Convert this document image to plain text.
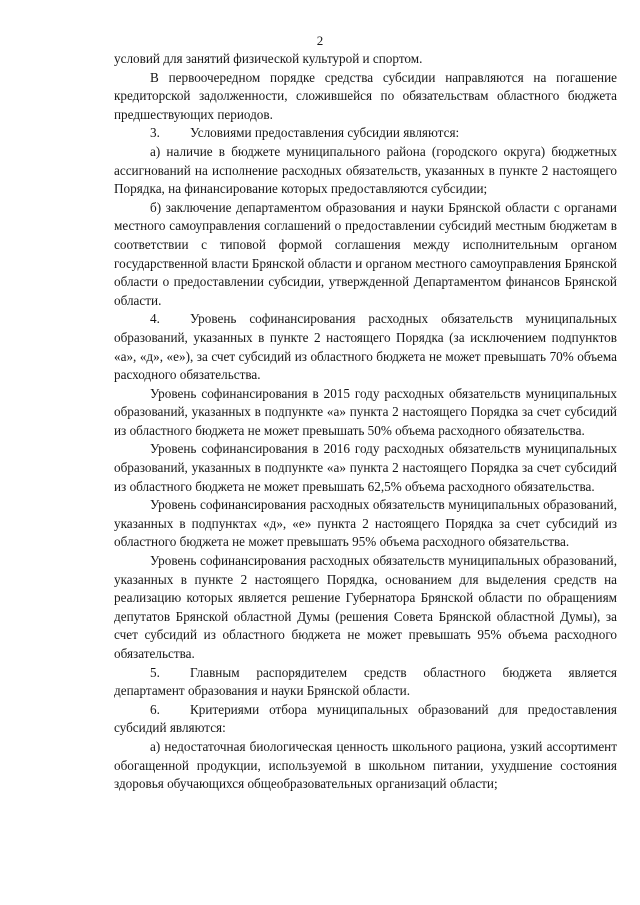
2

условий для занятий физической культурой и спортом.

В первоочередном порядке средства субсидии направляются на погашение кредиторской задолженности, сложившейся по обязательствам областного бюджета предшествующих периодов.

3. Условиями предоставления субсидии являются:

а) наличие в бюджете муниципального района (городского округа) бюджетных ассигнований на исполнение расходных обязательств, указанных в пункте 2 настоящего Порядка, на финансирование которых предоставляются субсидии;

б) заключение департаментом образования и науки Брянской области с органами местного самоуправления соглашений о предоставлении субсидий местным бюджетам в соответствии с типовой формой соглашения между исполнительным органом государственной власти Брянской области и органом местного самоуправления Брянской области о предоставлении субсидии, утвержденной Департаментом финансов Брянской области.

4. Уровень софинансирования расходных обязательств муниципальных образований, указанных в пункте 2 настоящего Порядка (за исключением подпунктов «а», «д», «е»), за счет субсидий из областного бюджета не может превышать 70% объема расходного обязательства.

Уровень софинансирования в 2015 году расходных обязательств муниципальных образований, указанных в подпункте «а» пункта 2 настоящего Порядка за счет субсидий из областного бюджета не может превышать 50% объема расходного обязательства.

Уровень софинансирования в 2016 году расходных обязательств муниципальных образований, указанных в подпункте «а» пункта 2 настоящего Порядка за счет субсидий из областного бюджета не может превышать 62,5% объема расходного обязательства.

Уровень софинансирования расходных обязательств муниципальных образований, указанных в подпунктах «д», «е» пункта 2 настоящего Порядка за счет субсидий из областного бюджета не может превышать 95% объема расходного обязательства.

Уровень софинансирования расходных обязательств муниципальных образований, указанных в пункте 2 настоящего Порядка, основанием для выделения средств на реализацию которых является решение Губернатора Брянской области по обращениям депутатов Брянской областной Думы (решения Совета Брянской областной Думы), за счет субсидий из областного бюджета не может превышать 95% объема расходного обязательства.

5. Главным распорядителем средств областного бюджета является департамент образования и науки Брянской области.

6. Критериями отбора муниципальных образований для предоставления субсидий являются:

а) недостаточная биологическая ценность школьного рациона, узкий ассортимент обогащенной продукции, используемой в школьном питании, ухудшение состояния здоровья обучающихся общеобразовательных организаций области;
